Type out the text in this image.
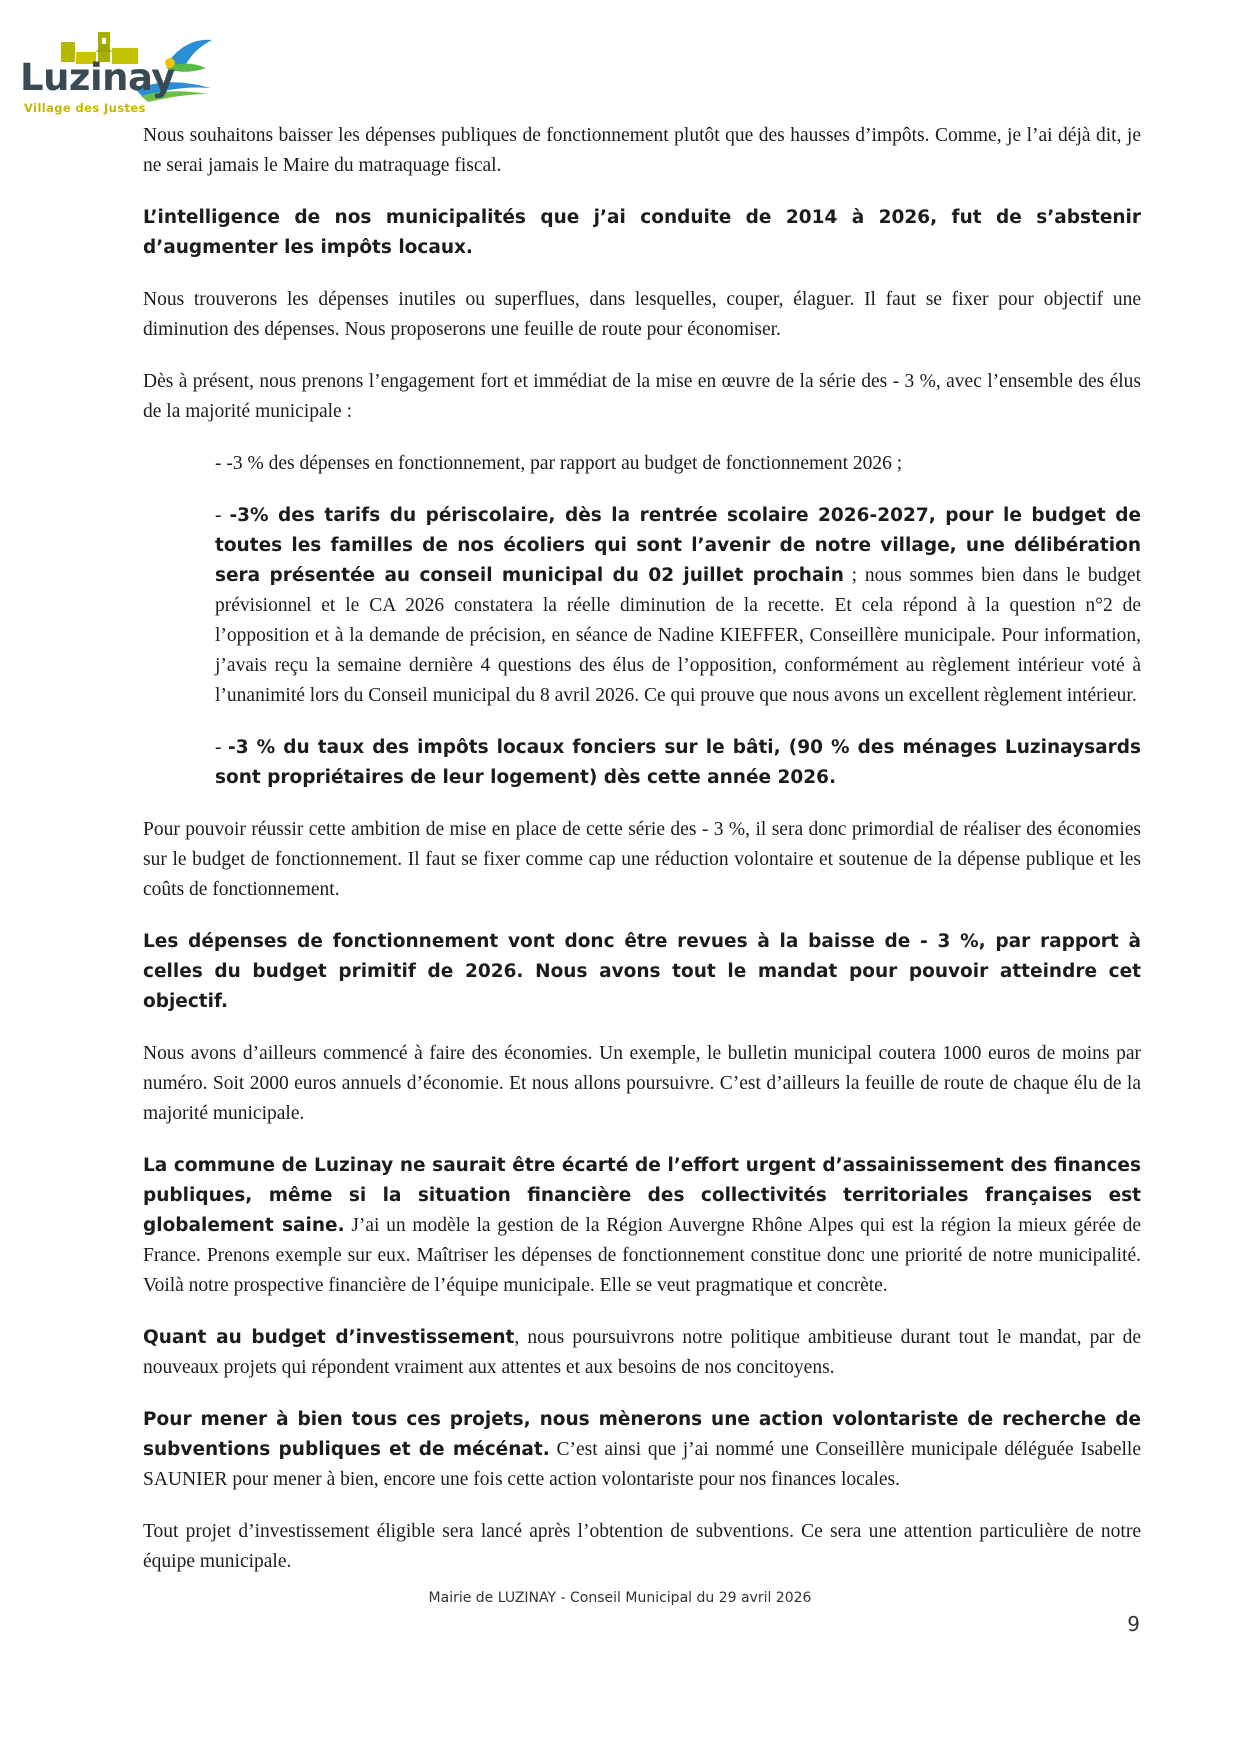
Luzinay
Village des Justes

Nous souhaitons baisser les dépenses publiques de fonctionnement plutôt que des hausses d’impôts. Comme, je l’ai déjà dit, je ne serai jamais le Maire du matraquage fiscal.

L’intelligence de nos municipalités que j’ai conduite de 2014 à 2026, fut de s’abstenir d’augmenter les impôts locaux.

Nous trouverons les dépenses inutiles ou superflues, dans lesquelles, couper, élaguer. Il faut se fixer pour objectif une diminution des dépenses. Nous proposerons une feuille de route pour économiser.

Dès à présent, nous prenons l’engagement fort et immédiat de la mise en œuvre de la série des - 3 %, avec l’ensemble des élus de la majorité municipale :

- -3 % des dépenses en fonctionnement, par rapport au budget de fonctionnement 2026 ;

- -3% des tarifs du périscolaire, dès la rentrée scolaire 2026-2027, pour le budget de toutes les familles de nos écoliers qui sont l’avenir de notre village, une délibération sera présentée au conseil municipal du 02 juillet prochain ; nous sommes bien dans le budget prévisionnel et le CA 2026 constatera la réelle diminution de la recette. Et cela répond à la question n°2 de l’opposition et à la demande de précision, en séance de Nadine KIEFFER, Conseillère municipale. Pour information, j’avais reçu la semaine dernière 4 questions des élus de l’opposition, conformément au règlement intérieur voté à l’unanimité lors du Conseil municipal du 8 avril 2026. Ce qui prouve que nous avons un excellent règlement intérieur.

- -3 % du taux des impôts locaux fonciers sur le bâti, (90 % des ménages Luzinaysards sont propriétaires de leur logement) dès cette année 2026.

Pour pouvoir réussir cette ambition de mise en place de cette série des - 3 %, il sera donc primordial de réaliser des économies sur le budget de fonctionnement. Il faut se fixer comme cap une réduction volontaire et soutenue de la dépense publique et les coûts de fonctionnement.

Les dépenses de fonctionnement vont donc être revues à la baisse de - 3 %, par rapport à celles du budget primitif de 2026. Nous avons tout le mandat pour pouvoir atteindre cet objectif.

Nous avons d’ailleurs commencé à faire des économies. Un exemple, le bulletin municipal coutera 1000 euros de moins par numéro. Soit 2000 euros annuels d’économie. Et nous allons poursuivre. C’est d’ailleurs la feuille de route de chaque élu de la majorité municipale.

La commune de Luzinay ne saurait être écarté de l’effort urgent d’assainissement des finances publiques, même si la situation financière des collectivités territoriales françaises est globalement saine. J’ai un modèle la gestion de la Région Auvergne Rhône Alpes qui est la région la mieux gérée de France. Prenons exemple sur eux. Maîtriser les dépenses de fonctionnement constitue donc une priorité de notre municipalité. Voilà notre prospective financière de l’équipe municipale. Elle se veut pragmatique et concrète.

Quant au budget d’investissement, nous poursuivrons notre politique ambitieuse durant tout le mandat, par de nouveaux projets qui répondent vraiment aux attentes et aux besoins de nos concitoyens.

Pour mener à bien tous ces projets, nous mènerons une action volontariste de recherche de subventions publiques et de mécénat. C’est ainsi que j’ai nommé une Conseillère municipale déléguée Isabelle SAUNIER pour mener à bien, encore une fois cette action volontariste pour nos finances locales.

Tout projet d’investissement éligible sera lancé après l’obtention de subventions. Ce sera une attention particulière de notre équipe municipale.

Mairie de LUZINAY - Conseil Municipal du 29 avril 2026
9
